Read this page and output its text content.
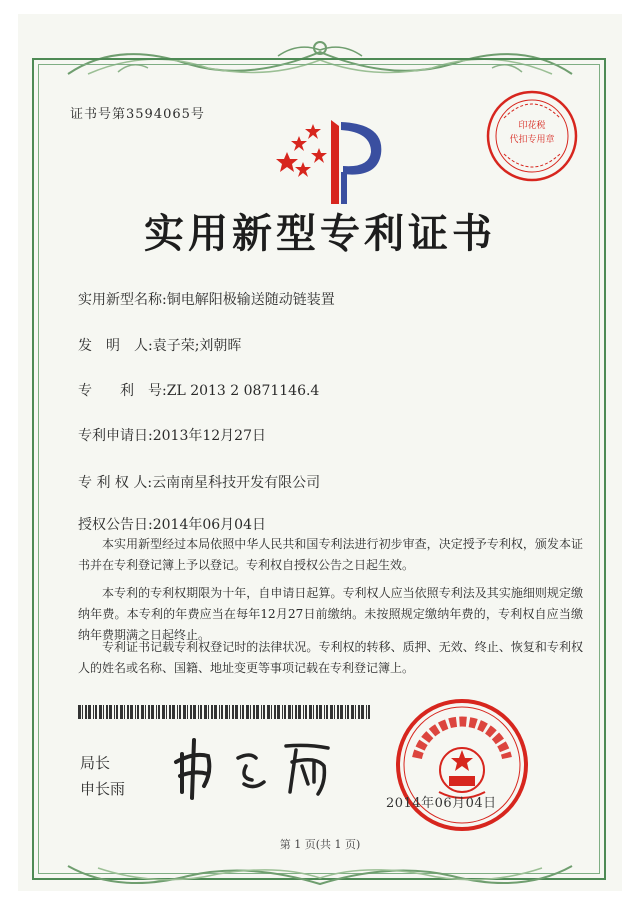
证书号第3594065号
印花税
代扣专用章
实用新型专利证书
实用新型名称:铜电解阳极输送随动链装置
发　明　人:袁子荣;刘朝晖
专　　利　号:ZL 2013 2 0871146.4
专利申请日:2013年12月27日
专 利 权 人:云南南星科技开发有限公司
授权公告日:2014年06月04日
本实用新型经过本局依照中华人民共和国专利法进行初步审查，决定授予专利权，颁发本证书并在专利登记簿上予以登记。专利权自授权公告之日起生效。
本专利的专利权期限为十年，自申请日起算。专利权人应当依照专利法及其实施细则规定缴纳年费。本专利的年费应当在每年12月27日前缴纳。未按照规定缴纳年费的，专利权自应当缴纳年费期满之日起终止。
专利证书记载专利权登记时的法律状况。专利权的转移、质押、无效、终止、恢复和专利权人的姓名或名称、国籍、地址变更等事项记载在专利登记簿上。
局长
申长雨
2014年06月04日
第 1 页(共 1 页)
